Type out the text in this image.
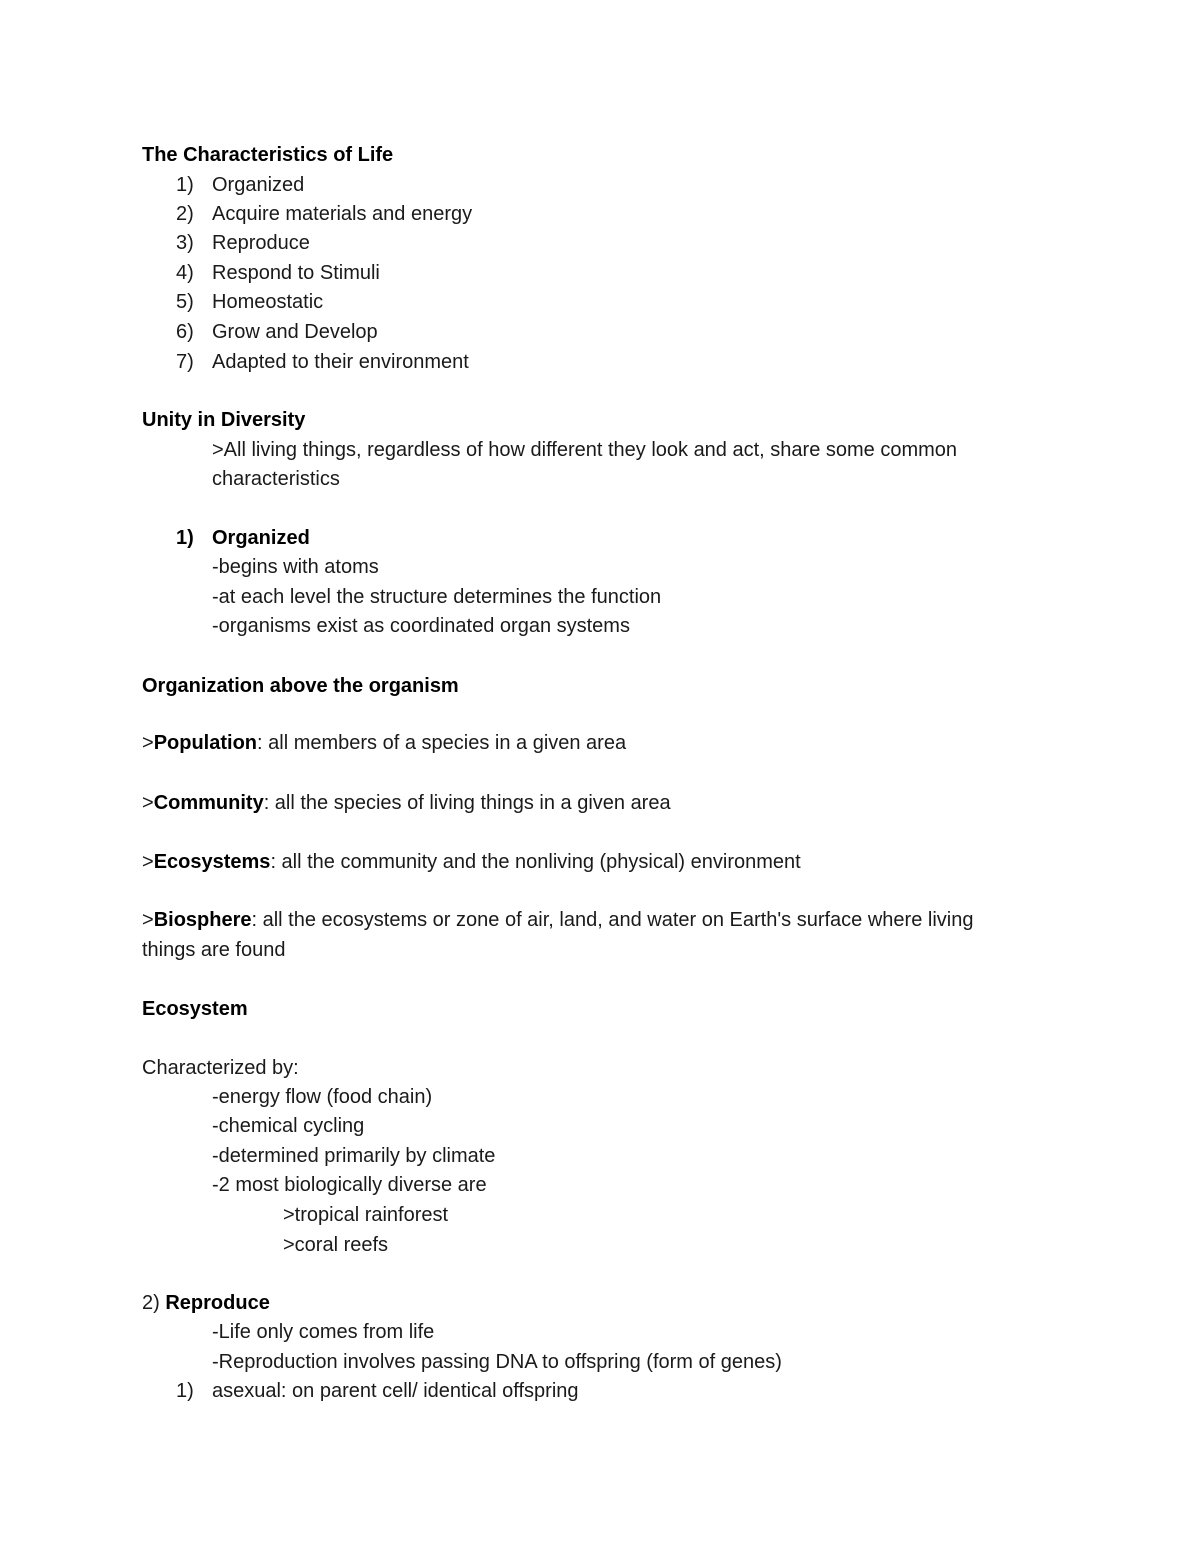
The Characteristics of Life
1) Organized
2) Acquire materials and energy
3) Reproduce
4) Respond to Stimuli
5) Homeostatic
6) Grow and Develop
7) Adapted to their environment
Unity in Diversity
>All living things, regardless of how different they look and act, share some common
characteristics
1) Organized
-begins with atoms
-at each level the structure determines the function
-organisms exist as coordinated organ systems
Organization above the organism
>Population: all members of a species in a given area
>Community: all the species of living things in a given area
>Ecosystems: all the community and the nonliving (physical) environment
>Biosphere: all the ecosystems or zone of air, land, and water on Earth's surface where living
things are found
Ecosystem
Characterized by:
-energy flow (food chain)
-chemical cycling
-determined primarily by climate
-2 most biologically diverse are
>tropical rainforest
>coral reefs
2) Reproduce
-Life only comes from life
-Reproduction involves passing DNA to offspring (form of genes)
1) asexual: on parent cell/ identical offspring
